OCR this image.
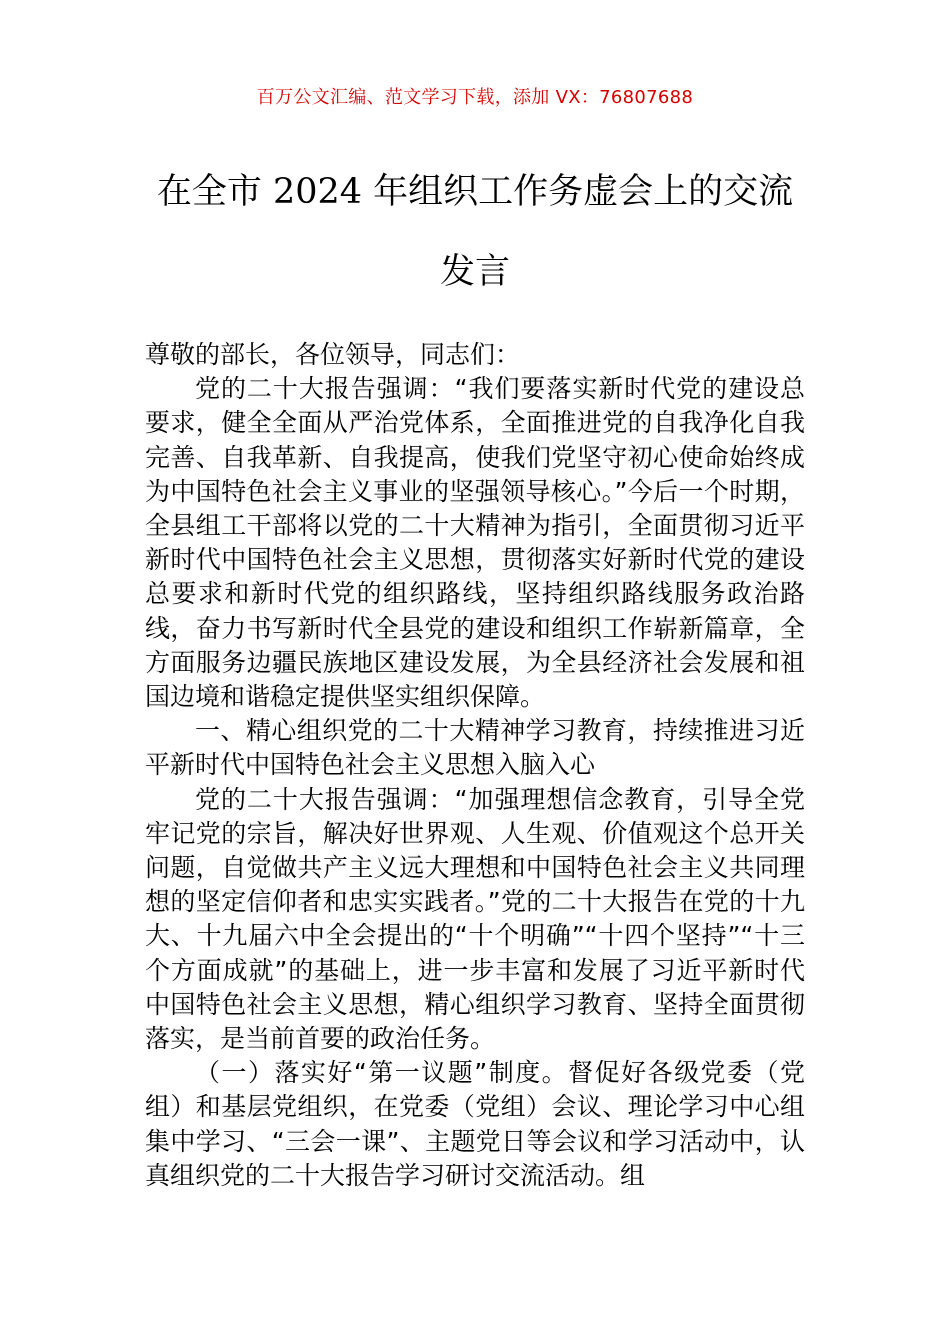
百万公文汇编、范文学习下载，添加 VX：76807688
在全市 2024 年组织工作务虚会上的交流发言

尊敬的部长，各位领导，同志们：

党的二十大报告强调：“我们要落实新时代党的建设总要求，健全全面从严治党体系，全面推进党的自我净化自我完善、自我革新、自我提高，使我们党坚守初心使命始终成为中国特色社会主义事业的坚强领导核心。”今后一个时期，全县组工干部将以党的二十大精神为指引，全面贯彻习近平新时代中国特色社会主义思想，贯彻落实好新时代党的建设总要求和新时代党的组织路线，坚持组织路线服务政治路线，奋力书写新时代全县党的建设和组织工作崭新篇章，全方面服务边疆民族地区建设发展，为全县经济社会发展和祖国边境和谐稳定提供坚实组织保障。

一、精心组织党的二十大精神学习教育，持续推进习近平新时代中国特色社会主义思想入脑入心

党的二十大报告强调：“加强理想信念教育，引导全党牢记党的宗旨，解决好世界观、人生观、价值观这个总开关问题，自觉做共产主义远大理想和中国特色社会主义共同理想的坚定信仰者和忠实实践者。”党的二十大报告在党的十九大、十九届六中全会提出的“十个明确”“十四个坚持”“十三个方面成就”的基础上，进一步丰富和发展了习近平新时代中国特色社会主义思想，精心组织学习教育、坚持全面贯彻落实，是当前首要的政治任务。

（一）落实好“第一议题”制度。督促好各级党委（党组）和基层党组织，在党委（党组）会议、理论学习中心组集中学习、“三会一课”、主题党日等会议和学习活动中，认真组织党的二十大报告学习研讨交流活动。组
